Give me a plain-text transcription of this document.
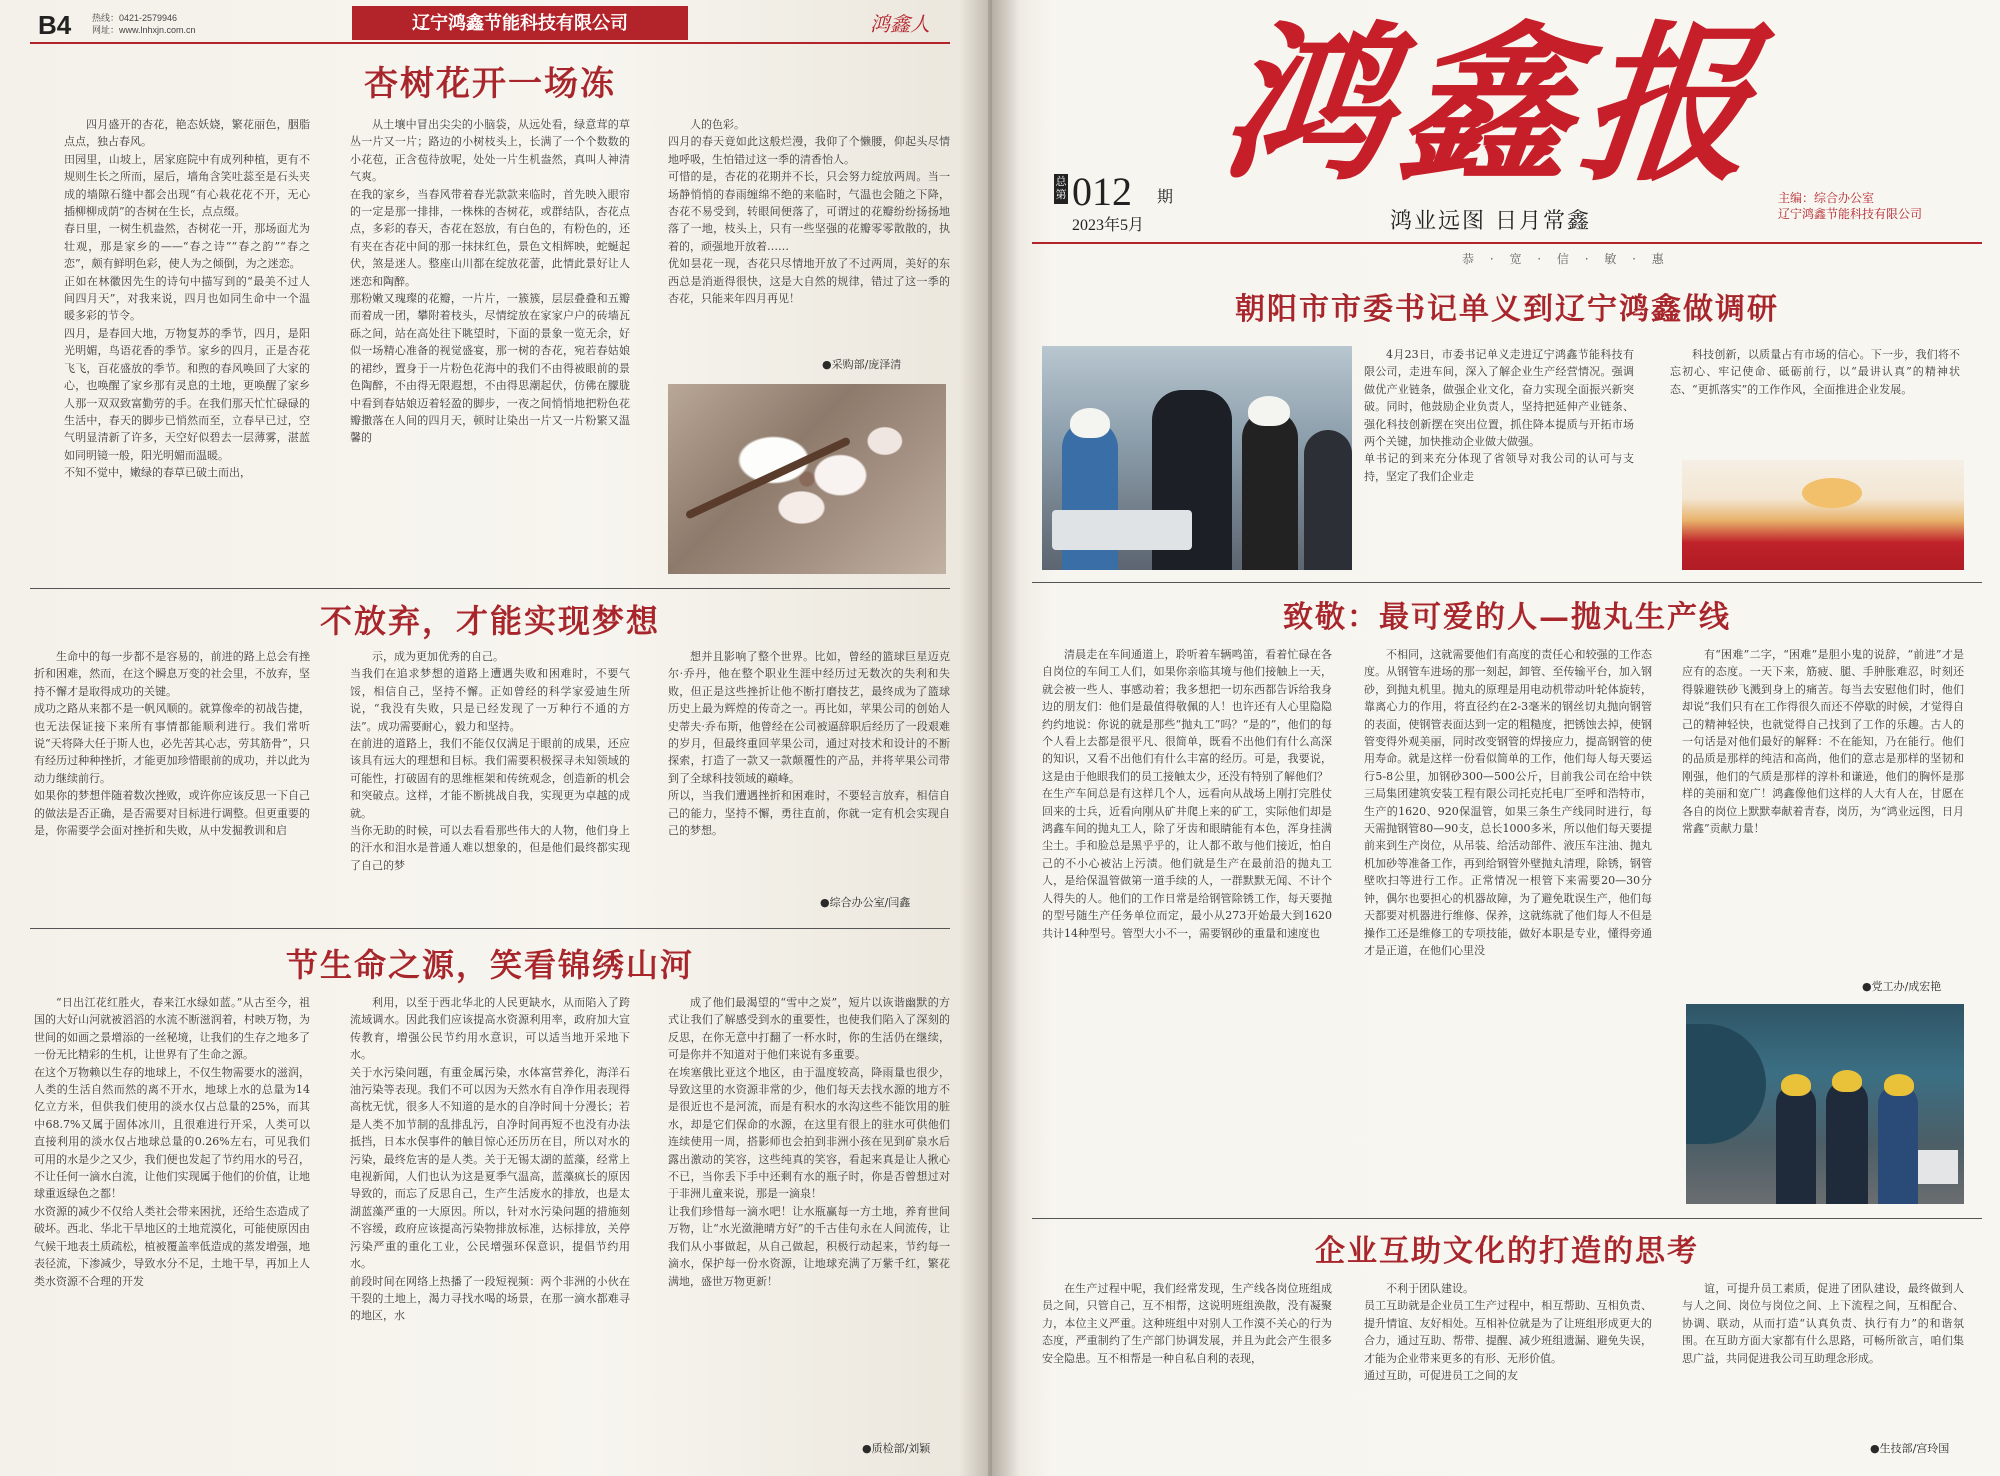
B4 热线：0421-2579946
网址：www.lnhxjn.com.cn	辽宁鸿鑫节能科技有限公司	鸿鑫人
杏树花开一场冻

四月盛开的杏花，艳态妖娆，繁花丽色，胭脂点点，独占春风。
田园里，山坡上，居家庭院中有成列种植，更有不规则生长之所而，屋后，墙角含笑吐蕊至是石头夹成的墙隙石缝中都会出现“有心栽花花不开，无心插柳柳成荫”的杏树在生长，点点缀。
春日里，一树生机盎然，杏树花一开，那场面尤为壮观，那是家乡的——“春之诗”“春之韵”“春之恋”，颇有鲜明色彩，使人为之倾倒，为之迷恋。
正如在林徽因先生的诗句中描写到的“最美不过人间四月天”，对我来说，四月也如同生命中一个温暖多彩的节令。
四月，是春回大地，万物复苏的季节，四月，是阳光明媚，鸟语花香的季节。家乡的四月，正是杏花飞飞，百花盛放的季节。和煦的春风唤回了大家的心，也唤醒了家乡那有灵息的土地，更唤醒了家乡人那一双双致富勤劳的手。在我们那天忙忙碌碌的生活中，春天的脚步已悄然而至，立春早已过，空气明显清新了许多，天空好似碧去一层薄雾，湛蓝如同明镜一般，阳光明媚而温暖。
不知不觉中，嫩绿的春草已破土而出，

从土壤中冒出尖尖的小脑袋，从远处看，绿意茸的草丛一片又一片；路边的小树枝头上，长满了一个个数数的小花苞，正含苞待放呢，处处一片生机盎然，真叫人神清气爽。
在我的家乡，当春风带着春光款款来临时，首先映入眼帘的一定是那一排排，一株株的杏树花，或群结队，杏花点点，多彩的春天，杏花在怒放，有白色的，有粉色的，还有夹在杏花中间的那一抹抹红色，景色文相辉映，蛇蜒起伏，煞是迷人。整座山川都在绽放花蕾，此情此景好让人迷恋和陶醉。
那粉嫩又瑰璨的花瓣，一片片，一簇簇，层层叠叠和五瓣而着成一团，攀附着枝头，尽情绽放在家家户户的砖墙瓦砾之间，站在高处往下眺望时，下面的景象一览无余，好似一场精心准备的视觉盛宴，那一树的杏花，宛若春姑娘的裙纱，置身于一片粉色花海中的我们不由得被眼前的景色陶醉，不由得无限遐想，不由得思潮起伏，仿佛在朦胧中看到春姑娘迈着轻盈的脚步，一夜之间悄悄地把粉色花瓣撒落在人间的四月天，顿时让染出一片又一片粉繁又温馨的

人的色彩。
四月的春天竟如此这般烂漫，我仰了个懒腰，仰起头尽情地呼吸，生怕错过这一季的清香怡人。
可惜的是，杏花的花期并不长，只会努力绽放两周。当一场静悄悄的春雨缠绵不绝的来临时，气温也会随之下降，杏花不易受到，转眼间便落了，可谓过的花瓣纷纷扬扬地落了一地，枝头上，只有一些坚强的花瓣零零散散的，执着的，顽强地开放着……
优如昙花一现，杏花只尽情地开放了不过两周，美好的东西总是消逝得很快，这是大自然的规律，错过了这一季的杏花，只能来年四月再见！

●采购部/庞泽清
不放弃，才能实现梦想

生命中的每一步都不是容易的，前进的路上总会有挫折和困难，然而，在这个瞬息万变的社会里，不放弃，坚持不懈才是取得成功的关键。
成功之路从来都不是一帆风顺的。就算像牵的初战告捷，也无法保证接下来所有事情都能顺利进行。我们常听说“天将降大任于斯人也，必先苦其心志，劳其筋骨”，只有经历过种种挫折，才能更加珍惜眼前的成功，并以此为动力继续前行。
如果你的梦想伴随着数次挫败，或许你应该反思一下自己的做法是否正确，是否需要对目标进行调整。但更重要的是，你需要学会面对挫折和失败，从中发掘教训和启

示，成为更加优秀的自己。
当我们在追求梦想的道路上遭遇失败和困难时，不要气馁，相信自己，坚持不懈。正如曾经的科学家爱迪生所说，“我没有失败，只是已经发现了一万种行不通的方法”。成功需要耐心，毅力和坚持。
在前进的道路上，我们不能仅仅满足于眼前的成果，还应该具有远大的理想和目标。我们需要积极探寻未知领域的可能性，打破固有的思维框架和传统观念，创造新的机会和突破点。这样，才能不断挑战自我，实现更为卓越的成就。
当你无助的时候，可以去看看那些伟大的人物，他们身上的汗水和泪水是普通人难以想象的，但是他们最终都实现了自己的梦

想并且影响了整个世界。比如，曾经的篮球巨星迈克尔·乔丹，他在整个职业生涯中经历过无数次的失利和失败，但正是这些挫折让他不断打磨技艺，最终成为了篮球历史上最为辉煌的传奇之一。再比如，苹果公司的创始人史蒂夫·乔布斯，他曾经在公司被逼辞职后经历了一段艰难的岁月，但最终重回苹果公司，通过对技术和设计的不断探索，打造了一款又一款颠覆性的产品，并将苹果公司带到了全球科技领域的巅峰。
所以，当我们遭遇挫折和困难时，不要轻言放弃，相信自己的能力，坚持不懈，勇往直前，你就一定有机会实现自己的梦想。

●综合办公室/闫鑫
节生命之源，笑看锦绣山河

“日出江花红胜火，春来江水绿如蓝。”从古至今，祖国的大好山河就被滔滔的水流不断滋润着，村映万物，为世间的如画之景增添的一丝秘境，让我们的生存之地多了一份无比精彩的生机，让世界有了生命之源。
在这个万物赖以生存的地球上，不仅生物需要水的滋润，人类的生活自然而然的离不开水，地球上水的总量为14亿立方米，但供我们使用的淡水仅占总量的25%，而其中68.7%又属于固体冰川，且很难进行开采，人类可以直接利用的淡水仅占地球总量的0.26%左右，可见我们可用的水是少之又少，我们便也发起了节约用水的号召，不让任何一滴水白流，让他们实现属于他们的价值，让地球重返绿色之都！
水资源的减少不仅给人类社会带来困扰，还给生态造成了破坏。西北、华北干旱地区的土地荒漠化，可能使原因由气候干地表土质疏松，植被覆盖率低造成的蒸发增强，地表径流，下渗减少，导致水分不足，土地干旱，再加上人类水资源不合理的开发

利用，以至于西北华北的人民更缺水，从而陷入了跨流域调水。因此我们应该提高水资源利用率，政府加大宣传教育，增强公民节约用水意识，可以适当地开采地下水。
关于水污染问题，有重金属污染，水体富营养化，海洋石油污染等表现。我们不可以因为天然水有自净作用表现得高枕无忧，很多人不知道的是水的自净时间十分漫长；若是人类不加节制的乱排乱污，自净时间再短不也没有办法抵挡，日本水俣事件的触目惊心还历历在目，所以对水的污染，最终危害的是人类。关于无锡太湖的蓝藻，经常上电视新闻，人们也认为这是夏季气温高，蓝藻疯长的原因导致的，而忘了反思自己，生产生活废水的排放，也是太湖蓝藻严重的一大原因。所以，针对水污染问题的措施刻不容缓，政府应该提高污染物排放标准，达标排放，关停污染严重的重化工业，公民增强环保意识，提倡节约用水。
前段时间在网络上热播了一段短视频：两个非洲的小伙在干裂的土地上，渴力寻找水喝的场景，在那一滴水都难寻的地区，水

成了他们最渴望的“雪中之炭”，短片以诙谐幽默的方式让我们了解感受到水的重要性，也使我们陷入了深刻的反思，在你无意中打翻了一杯水时，你的生活仍在继续，可是你并不知道对于他们来说有多重要。
在埃塞俄比亚这个地区，由于温度较高，降雨量也很少，导致这里的水资源非常的少，他们每天去找水源的地方不是很近也不是河流，而是有积水的水沟这些不能饮用的脏水，却是它们保命的水源，在这里有很上的驻水可供他们连续使用一周，搭影师也会拍到非洲小孩在见到矿泉水后露出激动的笑容，这些纯真的笑容，看起来真是让人揪心不已，当你丢下手中还剩有水的瓶子时，你是否曾想过对于非洲儿童来说，那是一滴泉！
让我们珍惜每一滴水吧！让水瓶赢每一方土地，养育世间万物，让“水光潋滟晴方好”的千古佳句永在人间流传，让我们从小事做起，从自己做起，积极行动起来，节约每一滴水，保护每一份水资源，让地球充满了万紫千红，繁花满地，盛世万物更新！

●质检部/刘颖
鸿鑫报
012
总第	期
2023年5月	鸿业远图 日月常鑫
主编：综合办公室
辽宁鸿鑫节能科技有限公司
恭 · 宽 · 信 · 敏 · 惠
朝阳市市委书记单义到辽宁鸿鑫做调研

4月23日，市委书记单义走进辽宁鸿鑫节能科技有限公司，走进车间，深入了解企业生产经营情况。强调做优产业链条，做强企业文化，奋力实现全面振兴新突破。同时，他鼓励企业负责人，坚持把延伸产业链条、强化科技创新摆在突出位置，抓住降本提质与开拓市场两个关键，加快推动企业做大做强。
单书记的到来充分体现了省领导对我公司的认可与支持，坚定了我们企业走

科技创新，以质量占有市场的信心。下一步，我们将不忘初心、牢记使命、砥砺前行，以“最讲认真”的精神状态、“更抓落实”的工作作风，全面推进企业发展。

致敬：最可爱的人—抛丸生产线

清晨走在车间通道上，聆听着车辆鸣笛，看着忙碌在各自岗位的车间工人们，如果你亲临其境与他们接触上一天，就会被一些人、事感动着；我多想把一切东西都告诉给我身边的朋友们：他们是最值得敬佩的人！也许还有人心里隐隐约约地说：你说的就是那些“抛丸工”吗？“是的”，他们的每个人看上去都是很平凡、很简单，既看不出他们有什么高深的知识，又看不出他们有什么丰富的经历。可是，我要说，这是由于他眼我们的员工接触太少，还没有特别了解他们？
在生产车间总是有这样几个人，远看向从战场上刚打完胜仗回来的士兵，近看向刚从矿井爬上来的矿工，实际他们却是鸿鑫车间的抛丸工人，除了牙齿和眼睛能有本色，浑身挂满尘土。手和脸总是黑乎乎的，让人都不敢与他们接近，怕自己的不小心被沾上污渍。他们就是生产在最前沿的抛丸工人，是给保温管做第一道手续的人，一群默默无闻、不计个人得失的人。他们的工作日常是给钢管除锈工作，每天要抛的型号随生产任务单位而定，最小从273开始最大到1620共计14种型号。管型大小不一，需要钢砂的重量和速度也

不相同，这就需要他们有高度的责任心和较强的工作态度。从钢管车进场的那一刻起，卸管、至传输平台，加入钢砂，到抛丸机里。抛丸的原理是用电动机带动叶轮体旋转，靠离心力的作用，将直径约在2-3毫米的钢丝切丸抛向钢管的表面，使钢管表面达到一定的粗糙度，把锈蚀去掉，使钢管变得外观美丽，同时改变钢管的焊接应力，提高钢管的使用寿命。就是这样一份看似简单的工作，他们每人每天要运行5-8公里，加钢砂300—500公斤，目前我公司在给中铁三局集团建筑安装工程有限公司托克托电厂至呼和浩特市，生产的1620、920保温管，如果三条生产线同时进行，每天需抛钢管80—90支，总长1000多米，所以他们每天要提前来到生产岗位，从吊装、给活动部件、液压车注油、抛丸机加砂等准备工作，再到给钢管外壁抛丸清理，除锈，钢管壁吹扫等进行工作。正常情况一根管下来需要20—30分钟，偶尔也要担心的机器故障，为了避免耽误生产，他们每天都要对机器进行维修、保养，这就练就了他们每人不但是操作工还是维修工的专项技能，做好本职是专业，懂得旁通才是正道，在他们心里没

有“困难”二字，“困难”是胆小鬼的说辞，“前进”才是应有的态度。一天下来，筋疲、腿、手肿胀难忍，时刻还得躲避铁砂飞溅到身上的痛苦。每当去安慰他们时，他们却说“我们只有在工作得很久而还不停歇的时候，才觉得自己的精神轻快，也就觉得自己找到了工作的乐趣。古人的一句话是对他们最好的解释：不在能知，乃在能行。他们的品质是那样的纯洁和高尚，他们的意志是那样的坚韧和刚强，他们的气质是那样的淳朴和谦逊，他们的胸怀是那样的美丽和宽广！鸿鑫像他们这样的人大有人在，甘愿在各自的岗位上默默奉献着青春，岗历，为“鸿业远图，日月常鑫”贡献力量！

●党工办/成宏艳
企业互助文化的打造的思考

在生产过程中呢，我们经常发现，生产线各岗位班组成员之间，只管自己，互不相帮，这说明班组涣散，没有凝聚力，本位主义严重。这种班组中对别人工作漠不关心的行为态度，严重制约了生产部门协调发展，并且为此会产生很多安全隐患。互不相帮是一种自私自利的表现，

不利于团队建设。
员工互助就是企业员工生产过程中，相互帮助、互相负责、提升情谊、友好相处。互相补位就是为了让班组形成更大的合力，通过互助、帮带、提醒、减少班组遗漏、避免失误，才能为企业带来更多的有形、无形价值。
通过互助，可促进员工之间的友

谊，可提升员工素质，促进了团队建设，最终做到人与人之间、岗位与岗位之间、上下流程之间，互相配合、协调、联动，从而打造“认真负责、执行有力”的和谐氛围。在互助方面大家都有什么思路，可畅所欲言，咱们集思广益，共同促进我公司互助理念形成。

●生技部/宫玲国
